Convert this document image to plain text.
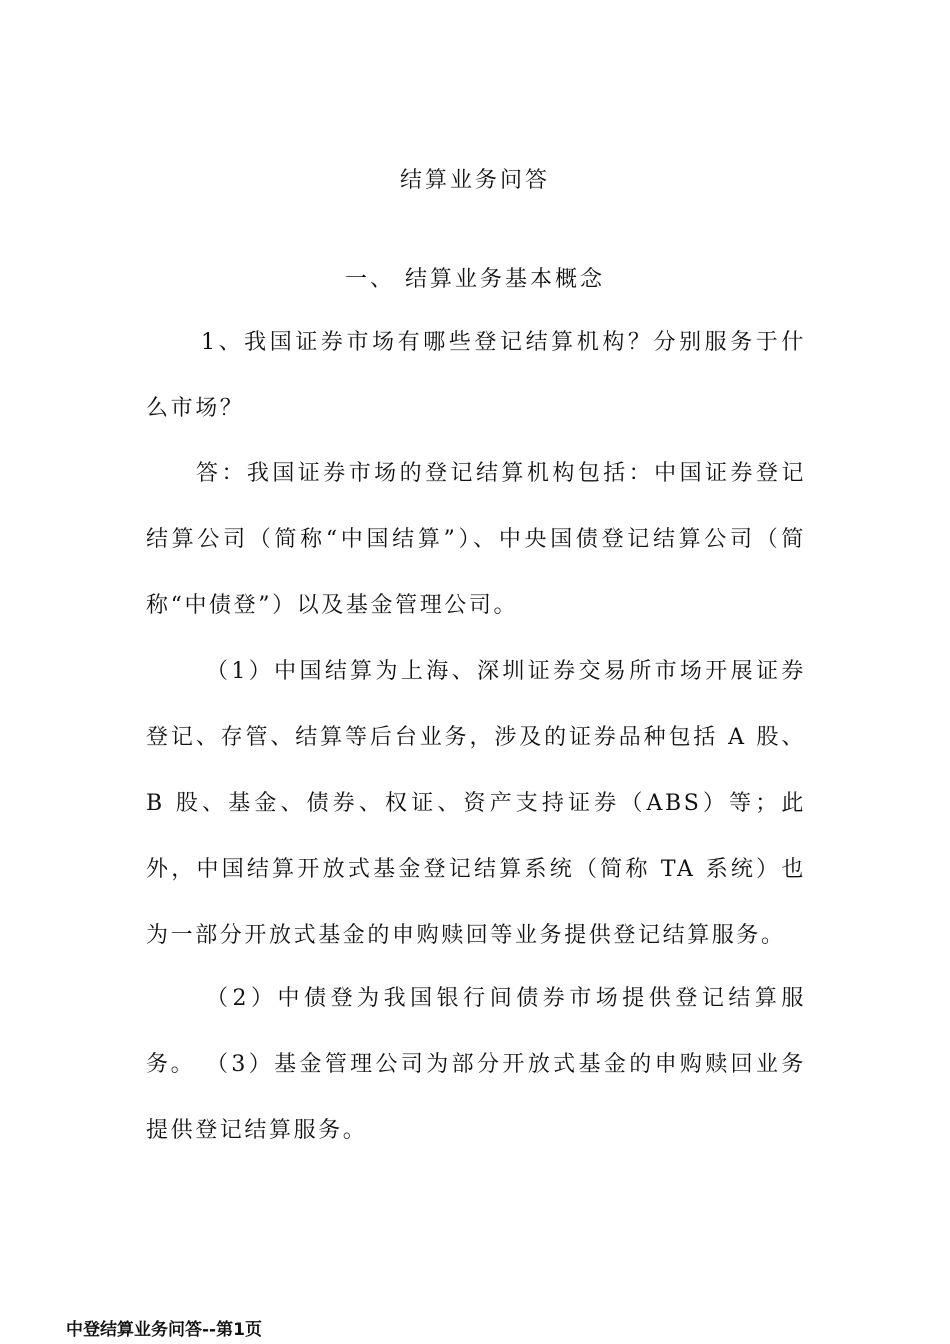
结算业务问答
一、 结算业务基本概念
1、我国证券市场有哪些登记结算机构？分别服务于什么市场？
答：我国证券市场的登记结算机构包括：中国证券登记结算公司（简称“中国结算”）、中央国债登记结算公司（简称“中债登”）以及基金管理公司。
（1）中国结算为上海、深圳证券交易所市场开展证券登记、存管、结算等后台业务，涉及的证券品种包括 A 股、B 股、基金、债券、权证、资产支持证券（ABS）等；此外，中国结算开放式基金登记结算系统（简称 TA 系统）也为一部分开放式基金的申购赎回等业务提供登记结算服务。
（2）中债登为我国银行间债券市场提供登记结算服务。 （3）基金管理公司为部分开放式基金的申购赎回业务提供登记结算服务。
中登结算业务问答--第1页
